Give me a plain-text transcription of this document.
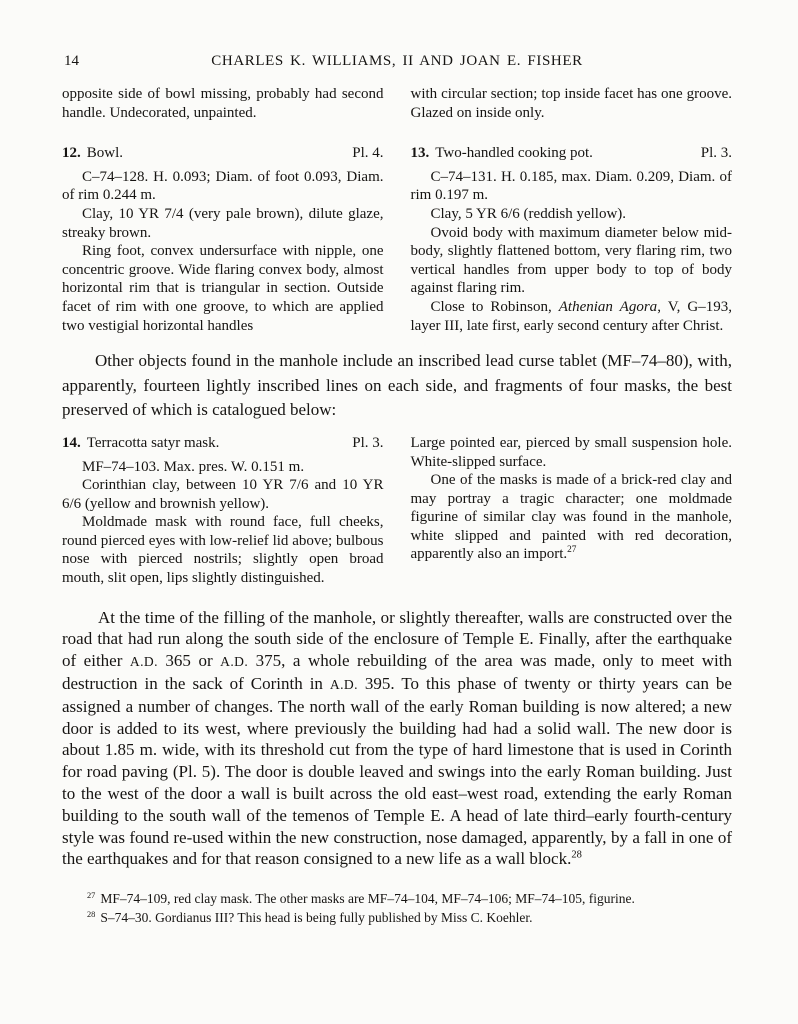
14	CHARLES K. WILLIAMS, II AND JOAN E. FISHER

opposite side of bowl missing, probably had second handle. Undecorated, unpainted.

12. Bowl.	Pl. 4.

C–74–128. H. 0.093; Diam. of foot 0.093, Diam. of rim 0.244 m.

Clay, 10 YR 7/4 (very pale brown), dilute glaze, streaky brown.

Ring foot, convex undersurface with nipple, one concentric groove. Wide flaring convex body, almost horizontal rim that is triangular in section. Outside facet of rim with one groove, to which are applied two vestigial horizontal handles

with circular section; top inside facet has one groove. Glazed on inside only.

13. Two-handled cooking pot.	Pl. 3.

C–74–131. H. 0.185, max. Diam. 0.209, Diam. of rim 0.197 m.

Clay, 5 YR 6/6 (reddish yellow).

Ovoid body with maximum diameter below mid-body, slightly flattened bottom, very flaring rim, two vertical handles from upper body to top of body against flaring rim.

Close to Robinson, Athenian Agora, V, G–193, layer III, late first, early second century after Christ.

Other objects found in the manhole include an inscribed lead curse tablet (MF–74–80), with, apparently, fourteen lightly inscribed lines on each side, and fragments of four masks, the best preserved of which is catalogued below:

14. Terracotta satyr mask.	Pl. 3.

MF–74–103. Max. pres. W. 0.151 m.

Corinthian clay, between 10 YR 7/6 and 10 YR 6/6 (yellow and brownish yellow).

Moldmade mask with round face, full cheeks, round pierced eyes with low-relief lid above; bulbous nose with pierced nostrils; slightly open broad mouth, slit open, lips slightly distinguished.

Large pointed ear, pierced by small suspension hole. White-slipped surface.

One of the masks is made of a brick-red clay and may portray a tragic character; one moldmade figurine of similar clay was found in the manhole, white slipped and painted with red decoration, apparently also an import.$^{27}$

At the time of the filling of the manhole, or slightly thereafter, walls are constructed over the road that had run along the south side of the enclosure of Temple E. Finally, after the earthquake of either A.D. 365 or A.D. 375, a whole rebuilding of the area was made, only to meet with destruction in the sack of Corinth in A.D. 395. To this phase of twenty or thirty years can be assigned a number of changes. The north wall of the early Roman building is now altered; a new door is added to its west, where previously the building had had a solid wall. The new door is about 1.85 m. wide, with its threshold cut from the type of hard limestone that is used in Corinth for road paving (Pl. 5). The door is double leaved and swings into the early Roman building. Just to the west of the door a wall is built across the old east–west road, extending the early Roman building to the south wall of the temenos of Temple E. A head of late third–early fourth-century style was found re-used within the new construction, nose damaged, apparently, by a fall in one of the earthquakes and for that reason consigned to a new life as a wall block.$^{28}$

$^{27}$ MF–74–109, red clay mask. The other masks are MF–74–104, MF–74–106; MF–74–105, figurine.

$^{28}$ S–74–30. Gordianus III? This head is being fully published by Miss C. Koehler.
